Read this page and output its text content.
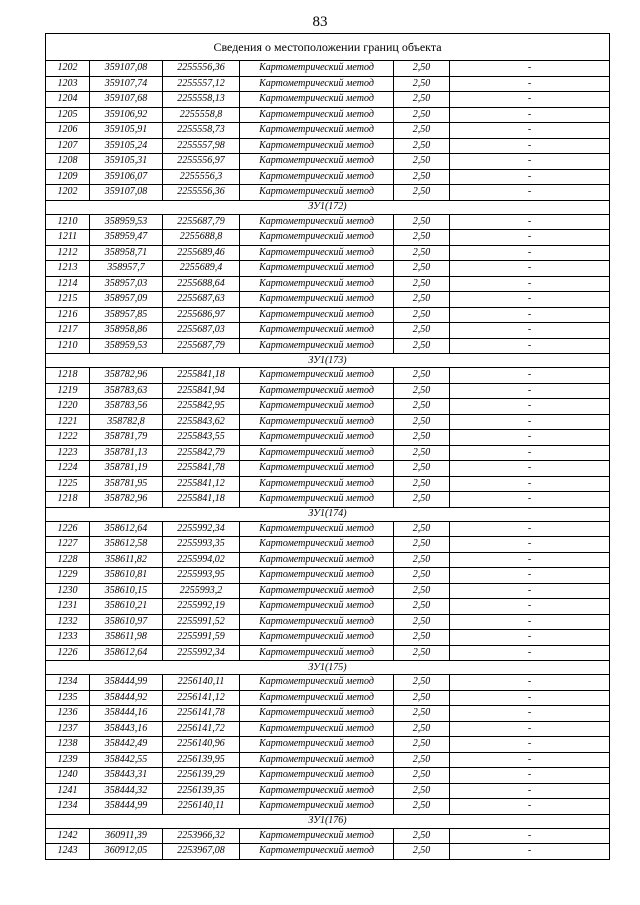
83
Сведения о местоположении границ объекта					
1202	359107,08	2255556,36	Картометрический метод	2,50	-
1203	359107,74	2255557,12	Картометрический метод	2,50	-
1204	359107,68	2255558,13	Картометрический метод	2,50	-
1205	359106,92	2255558,8	Картометрический метод	2,50	-
1206	359105,91	2255558,73	Картометрический метод	2,50	-
1207	359105,24	2255557,98	Картометрический метод	2,50	-
1208	359105,31	2255556,97	Картометрический метод	2,50	-
1209	359106,07	2255556,3	Картометрический метод	2,50	-
1202	359107,08	2255556,36	Картометрический метод	2,50	-
ЗУ1(172)					
1210	358959,53	2255687,79	Картометрический метод	2,50	-
1211	358959,47	2255688,8	Картометрический метод	2,50	-
1212	358958,71	2255689,46	Картометрический метод	2,50	-
1213	358957,7	2255689,4	Картометрический метод	2,50	-
1214	358957,03	2255688,64	Картометрический метод	2,50	-
1215	358957,09	2255687,63	Картометрический метод	2,50	-
1216	358957,85	2255686,97	Картометрический метод	2,50	-
1217	358958,86	2255687,03	Картометрический метод	2,50	-
1210	358959,53	2255687,79	Картометрический метод	2,50	-
ЗУ1(173)					
1218	358782,96	2255841,18	Картометрический метод	2,50	-
1219	358783,63	2255841,94	Картометрический метод	2,50	-
1220	358783,56	2255842,95	Картометрический метод	2,50	-
1221	358782,8	2255843,62	Картометрический метод	2,50	-
1222	358781,79	2255843,55	Картометрический метод	2,50	-
1223	358781,13	2255842,79	Картометрический метод	2,50	-
1224	358781,19	2255841,78	Картометрический метод	2,50	-
1225	358781,95	2255841,12	Картометрический метод	2,50	-
1218	358782,96	2255841,18	Картометрический метод	2,50	-
ЗУ1(174)					
1226	358612,64	2255992,34	Картометрический метод	2,50	-
1227	358612,58	2255993,35	Картометрический метод	2,50	-
1228	358611,82	2255994,02	Картометрический метод	2,50	-
1229	358610,81	2255993,95	Картометрический метод	2,50	-
1230	358610,15	2255993,2	Картометрический метод	2,50	-
1231	358610,21	2255992,19	Картометрический метод	2,50	-
1232	358610,97	2255991,52	Картометрический метод	2,50	-
1233	358611,98	2255991,59	Картометрический метод	2,50	-
1226	358612,64	2255992,34	Картометрический метод	2,50	-
ЗУ1(175)					
1234	358444,99	2256140,11	Картометрический метод	2,50	-
1235	358444,92	2256141,12	Картометрический метод	2,50	-
1236	358444,16	2256141,78	Картометрический метод	2,50	-
1237	358443,16	2256141,72	Картометрический метод	2,50	-
1238	358442,49	2256140,96	Картометрический метод	2,50	-
1239	358442,55	2256139,95	Картометрический метод	2,50	-
1240	358443,31	2256139,29	Картометрический метод	2,50	-
1241	358444,32	2256139,35	Картометрический метод	2,50	-
1234	358444,99	2256140,11	Картометрический метод	2,50	-
ЗУ1(176)					
1242	360911,39	2253966,32	Картометрический метод	2,50	-
1243	360912,05	2253967,08	Картометрический метод	2,50	-
